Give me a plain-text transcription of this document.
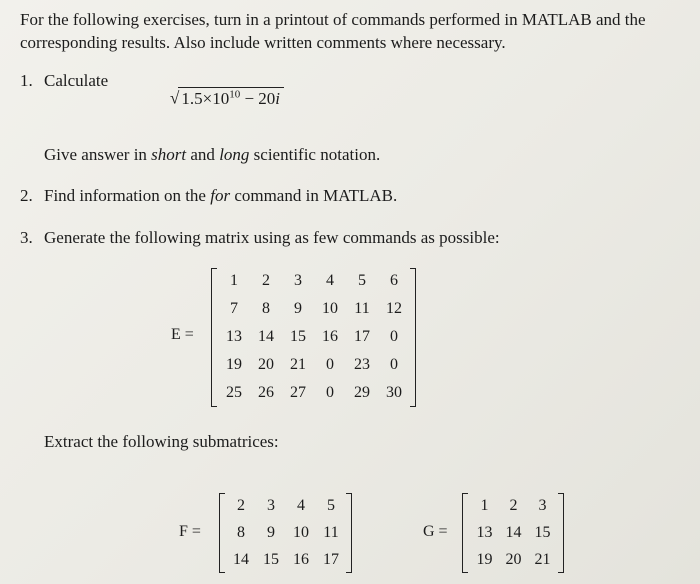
For the following exercises, turn in a printout of commands performed in MATLAB and the corresponding results. Also include written comments where necessary.
1. Calculate
√ $1.5\times 10^{10} - 20i$
Give answer in short and long scientific notation.
2. Find information on the for command in MATLAB.
3. Generate the following matrix using as few commands as possible:
E =
1	2	3	4	5	6
7	8	9	10	11	12
13	14	15	16	17	0
19	20	21	0	23	0
25	26	27	0	29	30
Extract the following submatrices:
F =
2	3	4	5
8	9	10 11
14 15 16 17
G =
1	2	3
13 14 15
19 20 21
